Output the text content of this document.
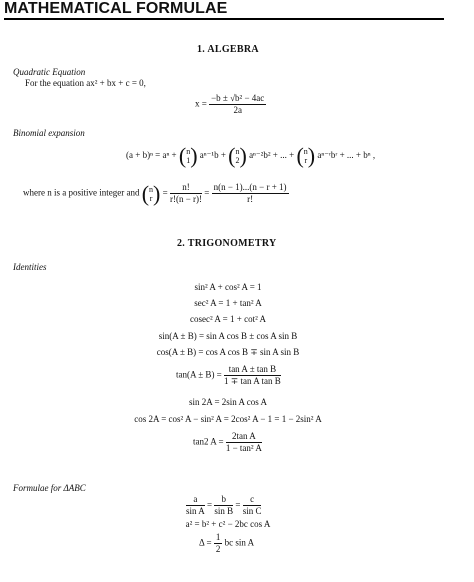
MATHEMATICAL FORMULAE
1. ALGEBRA
Quadratic Equation
For the equation ax² + bx + c = 0,
$x = \frac{\text{−b ± √b² − 4ac}}{2a}$
Binomial expansion
(a + b)ⁿ = aⁿ + (n
1) aⁿ⁻¹b + (n
2) aⁿ⁻²b² + ... + (n
r) aⁿ⁻ʳbʳ + ... + bⁿ ,
where n is a positive integer and (n
$r) = \frac{n!}{r!(n - r)!} = \frac{n(n - 1)...(n - r + 1)}{r!}$
2. TRIGONOMETRY
Identities
sin² A + cos² A = 1
sec² A = 1 + tan² A
cosec² A = 1 + cot² A
sin(A ± B) = sin A cos B ± cos A sin B
cos(A ± B) = cos A cos B ∓ sin A sin B
$\tan(A \pm B) = \frac{\text{tan A ± tan B}}{\text{1 ∓ tan A tan B}}$
sin 2A = 2sin A cos A
cos 2A = cos² A − sin² A = 2cos² A − 1 = 1 − 2sin² A
tan2 $A = \frac{\text{2tan A}}{\text{1 − tan² A}}$
Formulae for ΔABC
$\frac{a}{\text{sin A}} = \frac{b}{\text{sin B}} = \frac{c}{\text{sin C}}$
a² = b² + c² − 2bc cos A
$\Delta = \frac{1}{2}$ bc sin A
